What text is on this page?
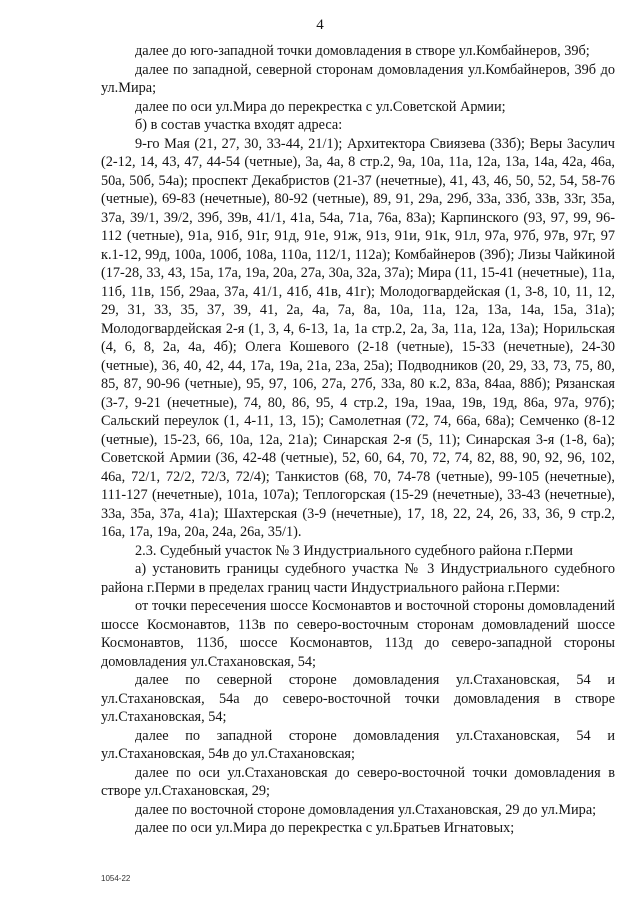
4

далее до юго-западной точки домовладения в створе ул.Комбайнеров, 39б;

далее по западной, северной сторонам домовладения ул.Комбайнеров, 39б до ул.Мира;

далее по оси ул.Мира до перекрестка с ул.Советской Армии;

б) в состав участка входят адреса:

9-го Мая (21, 27, 30, 33-44, 21/1); Архитектора Свиязева (33б); Веры Засулич (2-12, 14, 43, 47, 44-54 (четные), 3а, 4а, 8 стр.2, 9а, 10а, 11а, 12а, 13а, 14а, 42а, 46а, 50а, 50б, 54а); проспект Декабристов (21-37 (нечетные), 41, 43, 46, 50, 52, 54, 58-76 (четные), 69-83 (нечетные), 80-92 (четные), 89, 91, 29а, 29б, 33а, 33б, 33в, 33г, 35а, 37а, 39/1, 39/2, 39б, 39в, 41/1, 41а, 54а, 71а, 76а, 83а); Карпинского (93, 97, 99, 96-112 (четные), 91а, 91б, 91г, 91д, 91е, 91ж, 91з, 91и, 91к, 91л, 97а, 97б, 97в, 97г, 97 к.1-12, 99д, 100а, 100б, 108а, 110а, 112/1, 112а); Комбайнеров (39б); Лизы Чайкиной (17-28, 33, 43, 15а, 17а, 19а, 20а, 27а, 30а, 32а, 37а); Мира (11, 15-41 (нечетные), 11а, 11б, 11в, 15б, 29аа, 37а, 41/1, 41б, 41в, 41г); Молодогвардейская (1, 3-8, 10, 11, 12, 29, 31, 33, 35, 37, 39, 41, 2а, 4а, 7а, 8а, 10а, 11а, 12а, 13а, 14а, 15а, 31а); Молодогвардейская 2-я (1, 3, 4, 6-13, 1а, 1а стр.2, 2а, 3а, 11а, 12а, 13а); Норильская (4, 6, 8, 2а, 4а, 4б); Олега Кошевого (2-18 (четные), 15-33 (нечетные), 24-30 (четные), 36, 40, 42, 44, 17а, 19а, 21а, 23а, 25а); Подводников (20, 29, 33, 73, 75, 80, 85, 87, 90-96 (четные), 95, 97, 106, 27а, 27б, 33а, 80 к.2, 83а, 84аа, 88б); Рязанская (3-7, 9-21 (нечетные), 74, 80, 86, 95, 4 стр.2, 19а, 19аа, 19в, 19д, 86а, 97а, 97б); Сальский переулок (1, 4-11, 13, 15); Самолетная (72, 74, 66а, 68а); Семченко (8-12 (четные), 15-23, 66, 10а, 12а, 21а); Синарская 2-я (5, 11); Синарская 3-я (1-8, 6а); Советской Армии (36, 42-48 (четные), 52, 60, 64, 70, 72, 74, 82, 88, 90, 92, 96, 102, 46а, 72/1, 72/2, 72/3, 72/4); Танкистов (68, 70, 74-78 (четные), 99-105 (нечетные), 111-127 (нечетные), 101а, 107а); Теплогорская (15-29 (нечетные), 33-43 (нечетные), 33а, 35а, 37а, 41а); Шахтерская (3-9 (нечетные), 17, 18, 22, 24, 26, 33, 36, 9 стр.2, 16а, 17а, 19а, 20а, 24а, 26а, 35/1).

2.3. Судебный участок № 3 Индустриального судебного района г.Перми

а) установить границы судебного участка № 3 Индустриального судебного района г.Перми в пределах границ части Индустриального района г.Перми:

от точки пересечения шоссе Космонавтов и восточной стороны домовладений шоссе Космонавтов, 113в по северо-восточным сторонам домовладений шоссе Космонавтов, 113б, шоссе Космонавтов, 113д до северо-западной стороны домовладения ул.Стахановская, 54;

далее по северной стороне домовладения ул.Стахановская, 54 и ул.Стахановская, 54а до северо-восточной точки домовладения в створе ул.Стахановская, 54;

далее по западной стороне домовладения ул.Стахановская, 54 и ул.Стахановская, 54в до ул.Стахановская;

далее по оси ул.Стахановская до северо-восточной точки домовладения в створе ул.Стахановская, 29;

далее по восточной стороне домовладения ул.Стахановская, 29 до ул.Мира;

далее по оси ул.Мира до перекрестка с ул.Братьев Игнатовых;

1054-22
